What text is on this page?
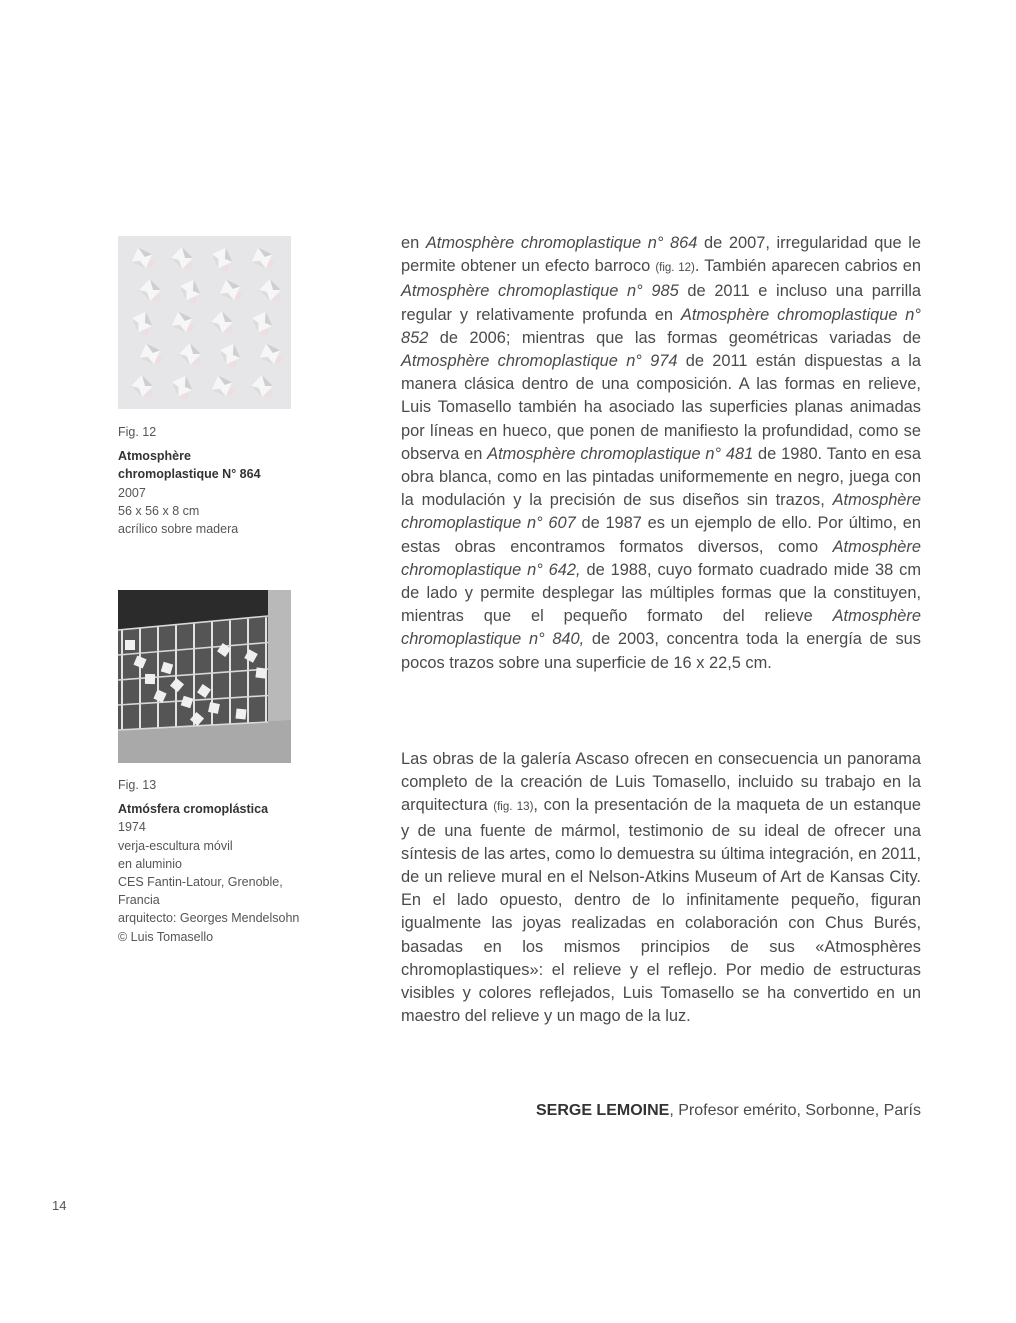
Fig. 12
Atmosphère
chromoplastique N° 864
2007
56 x 56 x 8 cm
acrílico sobre madera
Fig. 13
Atmósfera cromoplástica
1974
verja-escultura móvil
en aluminio
CES Fantin-Latour, Grenoble,
Francia
arquitecto: Georges Mendelsohn
© Luis Tomasello

en Atmosphère chromoplastique n° 864 de 2007, irregularidad que le permite obtener un efecto barroco (fig. 12). También aparecen cabrios en Atmosphère chromoplastique n° 985 de 2011 e incluso una parrilla regular y relativamente profunda en Atmosphère chromoplastique n° 852 de 2006; mientras que las formas geométricas variadas de Atmosphère chromoplastique n° 974 de 2011 están dispuestas a la manera clásica dentro de una composición. A las formas en relieve, Luis Tomasello también ha asociado las superficies planas animadas por líneas en hueco, que ponen de manifiesto la profundidad, como se observa en Atmosphère chromoplastique n° 481 de 1980. Tanto en esa obra blanca, como en las pintadas uniformemente en negro, juega con la modulación y la precisión de sus diseños sin trazos, Atmosphère chromoplastique n° 607 de 1987 es un ejemplo de ello. Por último, en estas obras encontramos formatos diversos, como Atmosphère chromoplastique n° 642, de 1988, cuyo formato cuadrado mide 38 cm de lado y permite desplegar las múltiples formas que la constituyen, mientras que el pequeño formato del relieve Atmosphère chromoplastique n° 840, de 2003, concentra toda la energía de sus pocos trazos sobre una superficie de 16 x 22,5 cm.

Las obras de la galería Ascaso ofrecen en consecuencia un panorama completo de la creación de Luis Tomasello, incluido su trabajo en la arquitectura (fig. 13), con la presentación de la maqueta de un estanque y de una fuente de mármol, testimonio de su ideal de ofrecer una síntesis de las artes, como lo demuestra su última integración, en 2011, de un relieve mural en el Nelson-Atkins Museum of Art de Kansas City. En el lado opuesto, dentro de lo infinitamente pequeño, figuran igualmente las joyas realizadas en colaboración con Chus Burés, basadas en los mismos principios de sus «Atmosphères chromoplastiques»: el relieve y el reflejo. Por medio de estructuras visibles y colores reflejados, Luis Tomasello se ha convertido en un maestro del relieve y un mago de la luz.

SERGE LEMOINE, Profesor emérito, Sorbonne, París
14
